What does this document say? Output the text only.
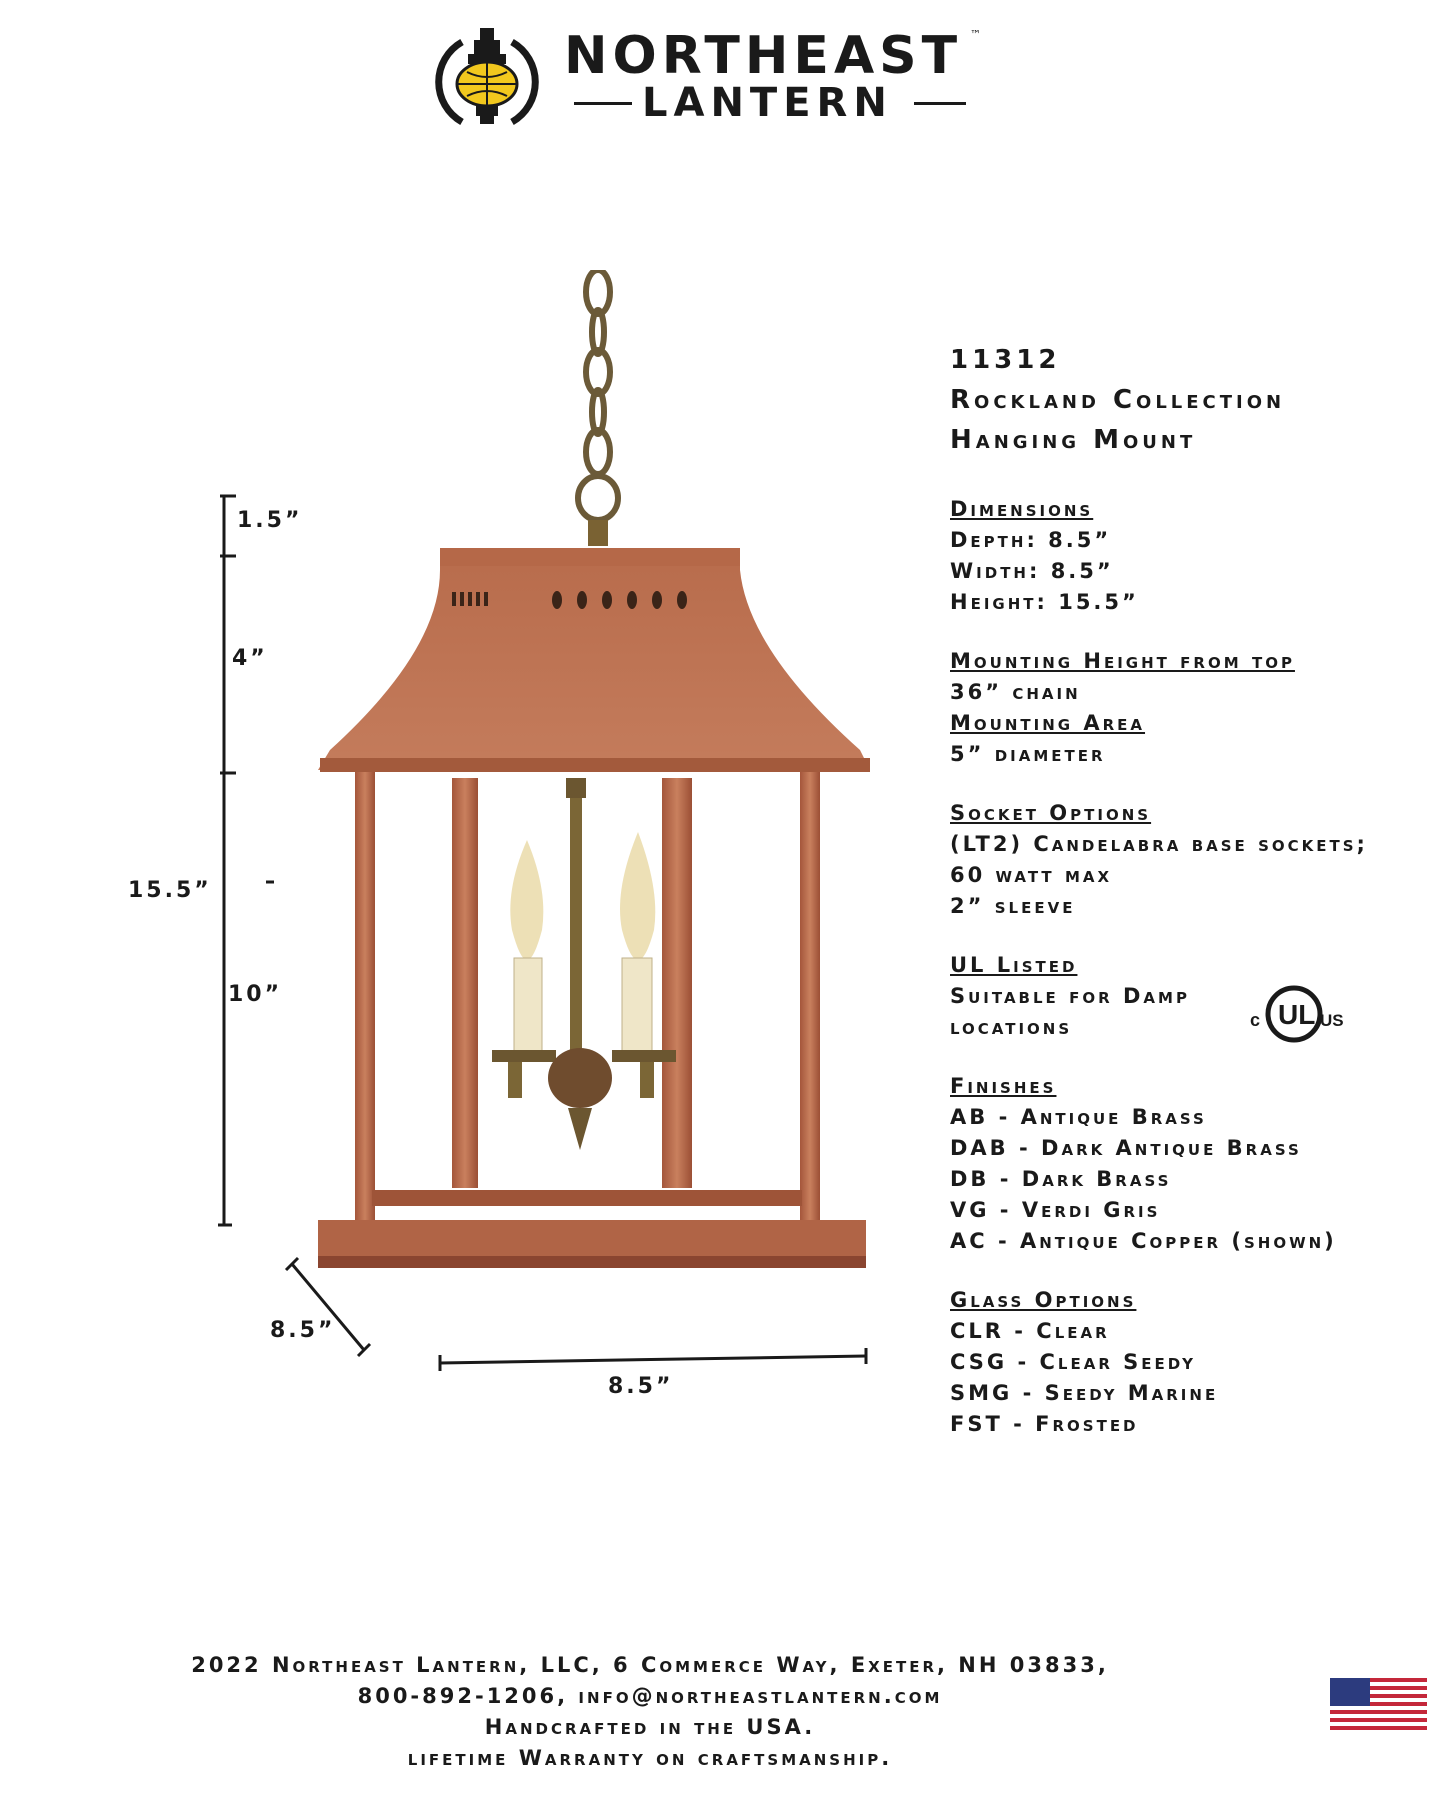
NORTHEAST ™
LANTERN
1.5”
4”
15.5”
10”
8.5”
8.5”
11312
Rockland Collection
Hanging Mount
Dimensions
Depth: 8.5”
Width: 8.5”
Height: 15.5”
Mounting Height from top
36” chain
Mounting Area
5” diameter
Socket Options
(LT2) Candelabra base sockets;
60 watt max
2” sleeve
UL Listed
Suitable for Damp
locations
Finishes
AB - Antique Brass
DAB - Dark Antique Brass
DB - Dark Brass
VG - Verdi Gris
AC - Antique Copper (shown)
Glass Options
CLR - Clear
CSG - Clear Seedy
SMG - Seedy Marine
FST - Frosted
c UL US
2022 Northeast Lantern, LLC, 6 Commerce Way, Exeter, NH 03833,
800-892-1206, info@northeastlantern.com
Handcrafted in the USA.
lifetime Warranty on craftsmanship.
